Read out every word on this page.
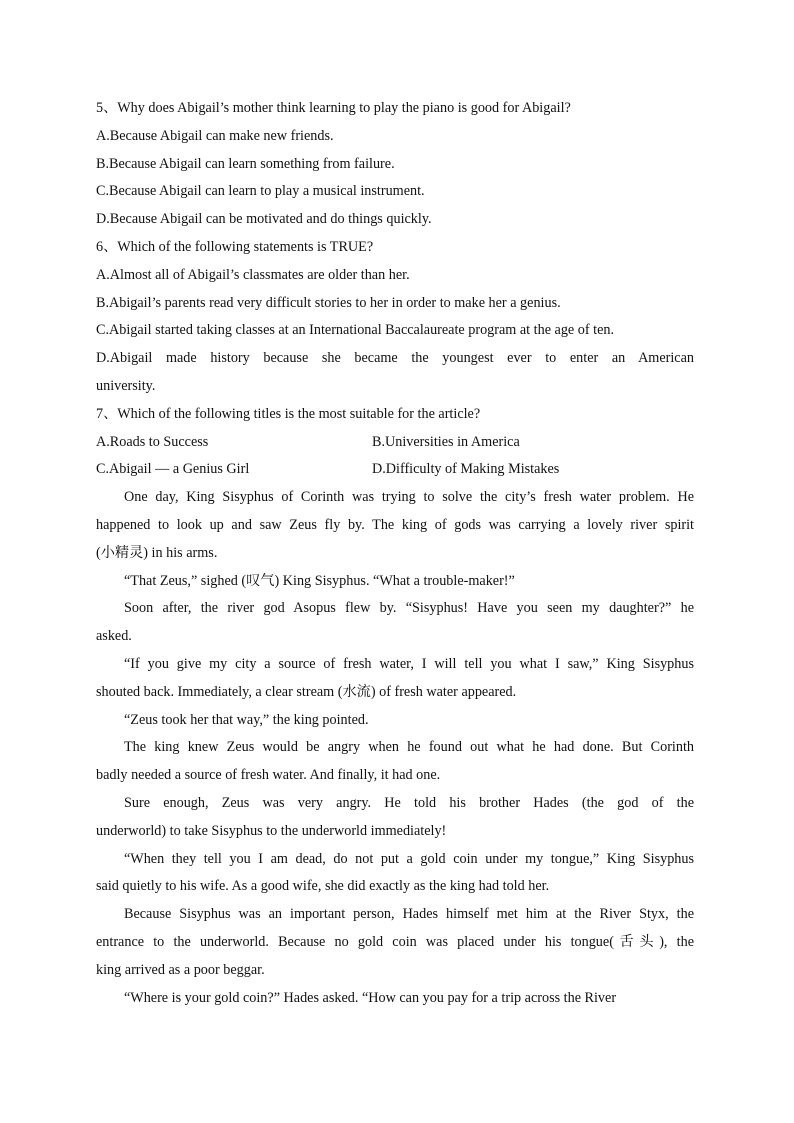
5、Why does Abigail’s mother think learning to play the piano is good for Abigail?
A.Because Abigail can make new friends.
B.Because Abigail can learn something from failure.
C.Because Abigail can learn to play a musical instrument.
D.Because Abigail can be motivated and do things quickly.
6、Which of the following statements is TRUE?
A.Almost all of Abigail’s classmates are older than her.
B.Abigail’s parents read very difficult stories to her in order to make her a genius.
C.Abigail started taking classes at an International Baccalaureate program at the age of ten.
D.Abigail made history because she became the youngest ever to enter an American
university.
7、Which of the following titles is the most suitable for the article?
A.Roads to Success	B.Universities in America
C.Abigail — a Genius Girl	D.Difficulty of Making Mistakes
One day, King Sisyphus of Corinth was trying to solve the city’s fresh water problem. He
happened to look up and saw Zeus fly by. The king of gods was carrying a lovely river spirit
(小精灵) in his arms.
“That Zeus,” sighed (叹气) King Sisyphus. “What a trouble-maker!”
Soon after, the river god Asopus flew by. “Sisyphus! Have you seen my daughter?” he
asked.
“If you give my city a source of fresh water, I will tell you what I saw,” King Sisyphus
shouted back. Immediately, a clear stream (水流) of fresh water appeared.
“Zeus took her that way,” the king pointed.
The king knew Zeus would be angry when he found out what he had done. But Corinth
badly needed a source of fresh water. And finally, it had one.
Sure enough, Zeus was very angry. He told his brother Hades (the god of the
underworld) to take Sisyphus to the underworld immediately!
“When they tell you I am dead, do not put a gold coin under my tongue,” King Sisyphus
said quietly to his wife. As a good wife, she did exactly as the king had told her.
Because Sisyphus was an important person, Hades himself met him at the River Styx, the
entrance to the underworld. Because no gold coin was placed under his tongue(舌头), the
king arrived as a poor beggar.
“Where is your gold coin?” Hades asked. “How can you pay for a trip across the River
